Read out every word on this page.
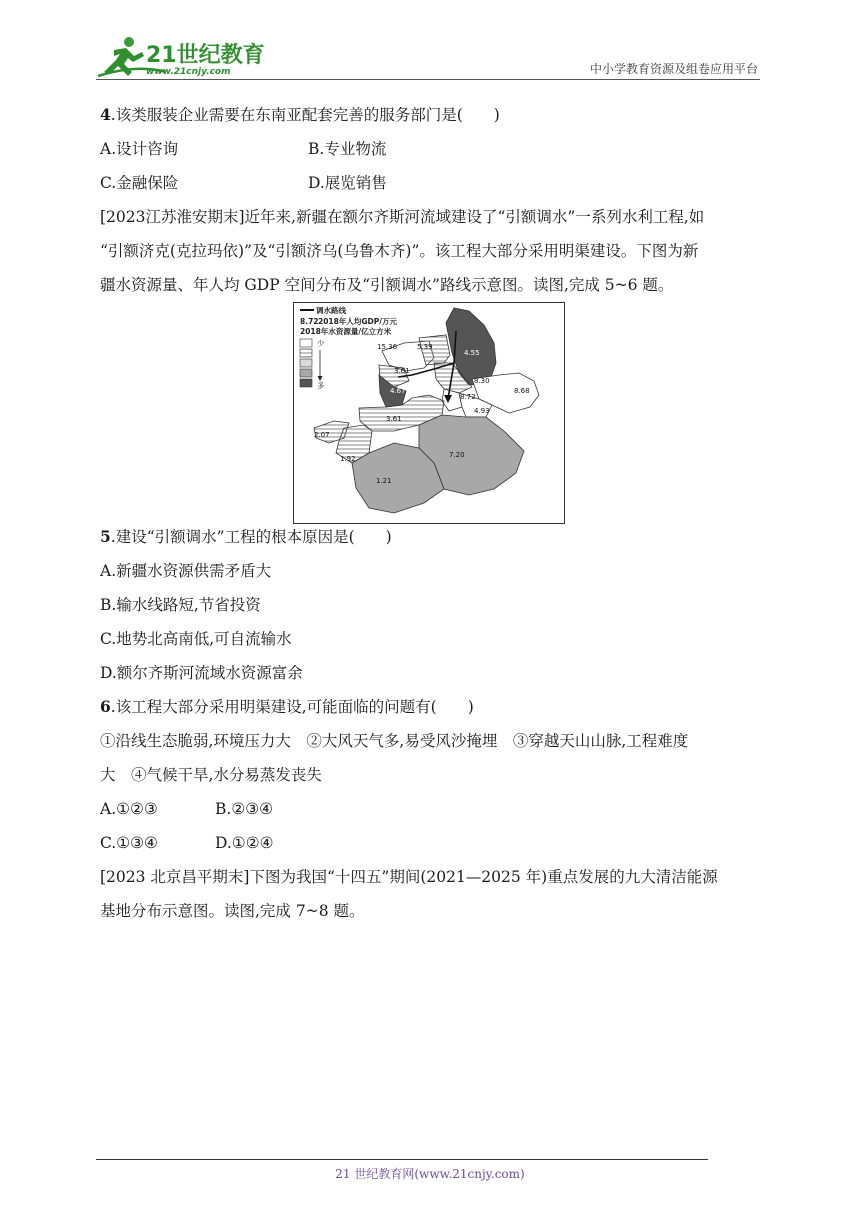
21世纪教育
www.21cnjy.com	中小学教育资源及组卷应用平台

4.该类服装企业需要在东南亚配套完善的服务部门是(　　)

A.设计咨询	B.专业物流

C.金融保险	D.展览销售

[2023江苏淮安期末]近年来,新疆在额尔齐斯河流域建设了“引额调水”一系列水利工程,如

“引额济克(克拉玛依)”及“引额济乌(乌鲁木齐)”。该工程大部分采用明渠建设。下图为新

疆水资源量、年人均 GDP 空间分布及“引额调水”路线示意图。读图,完成 5~6 题。

5.建设“引额调水”工程的根本原因是(　　)

A.新疆水资源供需矛盾大

B.输水线路短,节省投资

C.地势北高南低,可自流输水

D.额尔齐斯河流域水资源富余

6.该工程大部分采用明渠建设,可能面临的问题有(　　)

①沿线生态脆弱,环境压力大　②大风天气多,易受风沙掩埋　③穿越天山山脉,工程难度

大　④气候干旱,水分易蒸发丧失

A.①②③	B.②③④

C.①③④	D.①②④

[2023 北京昌平期末]下图为我国“十四五”期间(2021—2025 年)重点发展的九大清洁能源

基地分布示意图。读图,完成 7~8 题。

调水路线
8.72 2018年人均GDP/万元
2018年水资源量/亿立方米
少
多
15.36	5.39
4.55
3.61
4.67
8.30
8.72
4.93
8.68
3.61
2.07
1.92	7.20
1.21
21 世纪教育网(www.21cnjy.com)
